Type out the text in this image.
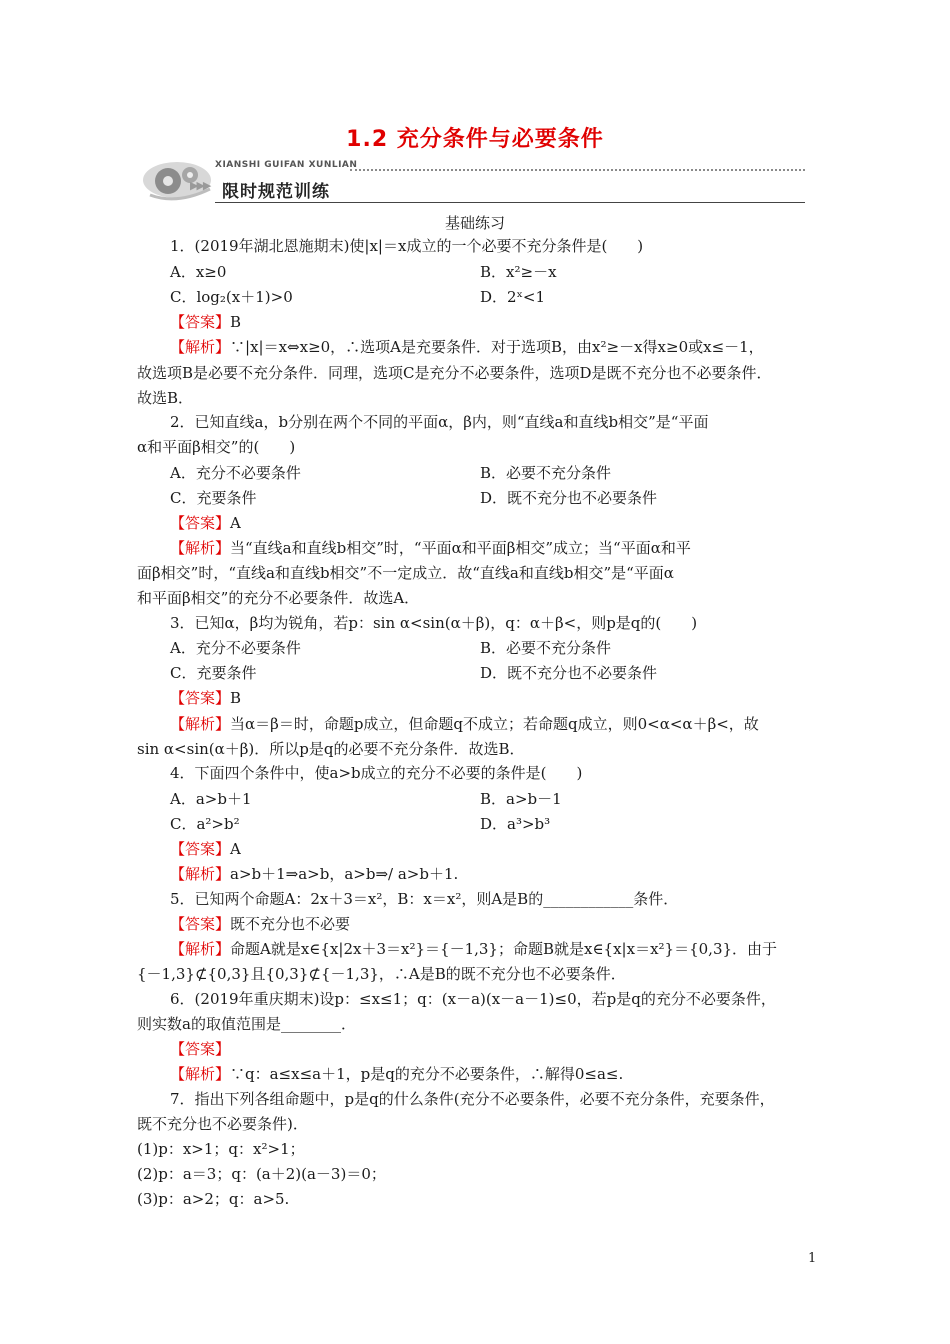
1.2 充分条件与必要条件
▶▶▶
XIANSHI GUIFAN XUNLIAN
限时规范训练
基础练习
1．(2019年湖北恩施期末)使|x|＝x成立的一个必要不充分条件是(　　)
A．x≥0	B．x²≥－x
C．log₂(x＋1)>0	D．2ˣ<1
【答案】B
【解析】∵|x|＝x⇔x≥0，∴选项A是充要条件．对于选项B，由x²≥－x得x≥0或x≤－1，
故选项B是必要不充分条件．同理，选项C是充分不必要条件，选项D是既不充分也不必要条件．
故选B．
2．已知直线a，b分别在两个不同的平面α，β内，则“直线a和直线b相交”是“平面
α和平面β相交”的(　　)
A．充分不必要条件	B．必要不充分条件
C．充要条件	D．既不充分也不必要条件
【答案】A
【解析】当“直线a和直线b相交”时，“平面α和平面β相交”成立；当“平面α和平
面β相交”时，“直线a和直线b相交”不一定成立．故“直线a和直线b相交”是“平面α
和平面β相交”的充分不必要条件．故选A．
3．已知α，β均为锐角，若p：sin α<sin(α＋β)，q：α＋β<，则p是q的(　　)
A．充分不必要条件	B．必要不充分条件
C．充要条件	D．既不充分也不必要条件
【答案】B
【解析】当α＝β＝时，命题p成立，但命题q不成立；若命题q成立，则0<α<α＋β<，故
sin α<sin(α＋β)．所以p是q的必要不充分条件．故选B．
4．下面四个条件中，使a>b成立的充分不必要的条件是(　　)
A．a>b＋1	B．a>b－1
C．a²>b²	D．a³>b³
【答案】A
【解析】a>b＋1⇒a>b，a>b⇒/ a>b＋1.
5．已知两个命题A：2x＋3＝x²，B：x＝x²，则A是B的____________条件．
【答案】既不充分也不必要
【解析】命题A就是x∈{x|2x＋3＝x²}＝{－1,3}；命题B就是x∈{x|x＝x²}＝{0,3}．由于
{－1,3}⊄{0,3}且{0,3}⊄{－1,3}，∴A是B的既不充分也不必要条件．
6．(2019年重庆期末)设p：≤x≤1；q：(x－a)(x－a－1)≤0，若p是q的充分不必要条件，
则实数a的取值范围是________．
【答案】
【解析】∵q：a≤x≤a＋1，p是q的充分不必要条件，∴解得0≤a≤.
7．指出下列各组命题中，p是q的什么条件(充分不必要条件，必要不充分条件，充要条件，
既不充分也不必要条件)．
(1)p：x>1；q：x²>1；
(2)p：a＝3；q：(a＋2)(a－3)＝0；
(3)p：a>2；q：a>5.
1
